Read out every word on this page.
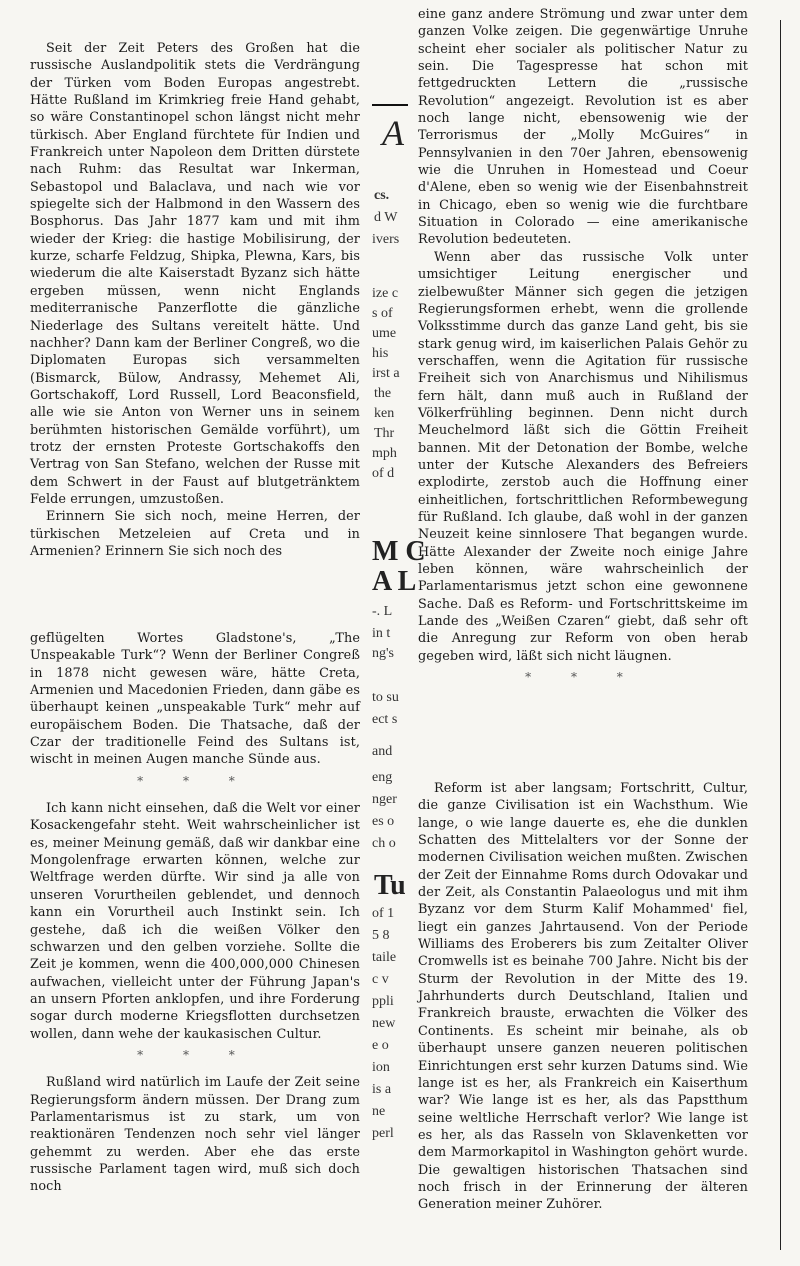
Seit der Zeit Peters des Großen hat die russische Auslandpolitik stets die Verdrängung der Türken vom Boden Europas angestrebt. Hätte Rußland im Krimkrieg freie Hand gehabt, so wäre Constantinopel schon längst nicht mehr türkisch. Aber England fürchtete für Indien und Frankreich unter Napoleon dem Dritten dürstete nach Ruhm: das Resultat war Inkerman, Sebastopol und Balaclava, und nach wie vor spiegelte sich der Halbmond in den Wassern des Bosphorus. Das Jahr 1877 kam und mit ihm wieder der Krieg: die hastige Mobilisirung, der kurze, scharfe Feldzug, Shipka, Plewna, Kars, bis wiederum die alte Kaiserstadt Byzanz sich hätte ergeben müssen, wenn nicht Englands mediterranische Panzerflotte die gänzliche Niederlage des Sultans vereitelt hätte. Und nachher? Dann kam der Berliner Congreß, wo die Diplomaten Europas sich versammelten (Bismarck, Bülow, Andrassy, Mehemet Ali, Gortschakoff, Lord Russell, Lord Beaconsfield, alle wie sie Anton von Werner uns in seinem berühmten historischen Gemälde vorführt), um trotz der ernsten Proteste Gortschakoffs den Vertrag von San Stefano, welchen der Russe mit dem Schwert in der Faust auf blutgetränktem Felde errungen, umzustoßen.

Erinnern Sie sich noch, meine Herren, der türkischen Metzeleien auf Creta und in Armenien? Erinnern Sie sich noch des

geflügelten Wortes Gladstone's, „The Unspeakable Turk“? Wenn der Berliner Congreß in 1878 nicht gewesen wäre, hätte Creta, Armenien und Macedonien Frieden, dann gäbe es überhaupt keinen „unspeakable Turk“ mehr auf europäischem Boden. Die Thatsache, daß der Czar der traditionelle Feind des Sultans ist, wischt in meinen Augen manche Sünde aus.

* * *

Ich kann nicht einsehen, daß die Welt vor einer Kosackengefahr steht. Weit wahrscheinlicher ist es, meiner Meinung gemäß, daß wir dankbar eine Mongolenfrage erwarten können, welche zur Weltfrage werden dürfte. Wir sind ja alle von unseren Vorurtheilen geblendet, und dennoch kann ein Vorurtheil auch Instinkt sein. Ich gestehe, daß ich die weißen Völker den schwarzen und den gelben vorziehe. Sollte die Zeit je kommen, wenn die 400,000,000 Chinesen aufwachen, vielleicht unter der Führung Japan's an unsern Pforten anklopfen, und ihre Forderung sogar durch moderne Kriegsflotten durchsetzen wollen, dann wehe der kaukasischen Cultur.

* * *

Rußland wird natürlich im Laufe der Zeit seine Regierungsform ändern müssen. Der Drang zum Parlamentarismus ist zu stark, um von reaktionären Tendenzen noch sehr viel länger gehemmt zu werden. Aber ehe das erste russische Parlament tagen wird, muß sich doch noch

eine ganz andere Strömung und zwar unter dem ganzen Volke zeigen. Die gegenwärtige Unruhe scheint eher socialer als politischer Natur zu sein. Die Tagespresse hat schon mit fettgedruckten Lettern die „russische Revolution“ angezeigt. Revolution ist es aber noch lange nicht, ebensowenig wie der Terrorismus der „Molly McGuires“ in Pennsylvanien in den 70er Jahren, ebensowenig wie die Unruhen in Homestead und Coeur d'Alene, eben so wenig wie der Eisenbahnstreit in Chicago, eben so wenig wie die furchtbare Situation in Colorado — eine amerikanische Revolution bedeuteten.

Wenn aber das russische Volk unter umsichtiger Leitung energischer und zielbewußter Männer sich gegen die jetzigen Regierungsformen erhebt, wenn die grollende Volksstimme durch das ganze Land geht, bis sie stark genug wird, im kaiserlichen Palais Gehör zu verschaffen, wenn die Agitation für russische Freiheit sich von Anarchismus und Nihilismus fern hält, dann muß auch in Rußland der Völkerfrühling beginnen. Denn nicht durch Meuchelmord läßt sich die Göttin Freiheit bannen. Mit der Detonation der Bombe, welche unter der Kutsche Alexanders des Befreiers explodirte, zerstob auch die Hoffnung einer einheitlichen, fortschrittlichen Reformbewegung für Rußland. Ich glaube, daß wohl in der ganzen Neuzeit keine sinnlosere That begangen wurde. Hätte Alexander der Zweite noch einige Jahre leben können, wäre wahrscheinlich der Parlamentarismus jetzt schon eine gewonnene Sache. Daß es Reform- und Fortschrittskeime im Lande des „Weißen Czaren“ giebt, daß sehr oft die Anregung zur Reform von oben herab gegeben wird, läßt sich nicht läugnen.

* * *

Reform ist aber langsam; Fortschritt, Cultur, die ganze Civilisation ist ein Wachsthum. Wie lange, o wie lange dauerte es, ehe die dunklen Schatten des Mittelalters vor der Sonne der modernen Civilisation weichen mußten. Zwischen der Zeit der Einnahme Roms durch Odovakar und der Zeit, als Constantin Palaeologus und mit ihm Byzanz vor dem Sturm Kalif Mohammed' fiel, liegt ein ganzes Jahrtausend. Von der Periode Williams des Eroberers bis zum Zeitalter Oliver Cromwells ist es beinahe 700 Jahre. Nicht bis der Sturm der Revolution in der Mitte des 19. Jahrhunderts durch Deutschland, Italien und Frankreich brauste, erwachten die Völker des Continents. Es scheint mir beinahe, als ob überhaupt unsere ganzen neueren politischen Einrichtungen erst sehr kurzen Datums sind. Wie lange ist es her, als Frankreich ein Kaiserthum war? Wie lange ist es her, als das Papstthum seine weltliche Herrschaft verlor? Wie lange ist es her, als das Rasseln von Sklavenketten vor dem Marmorkapitol in Washington gehört wurde. Die gewaltigen historischen Thatsachen sind noch frisch in der Erinnerung der älteren Generation meiner Zuhörer.

A
cs.
d W
ivers
ize c
s of
ume
his
irst a
the
ken
Thr
mph
of d
M C
A L
-. L
in t
ng's
to su
ect s
and
eng
nger
es o
ch o
Tu
of 1
5 8
taile
c v
ppli
new
e o
ion
is a
ne
perl
